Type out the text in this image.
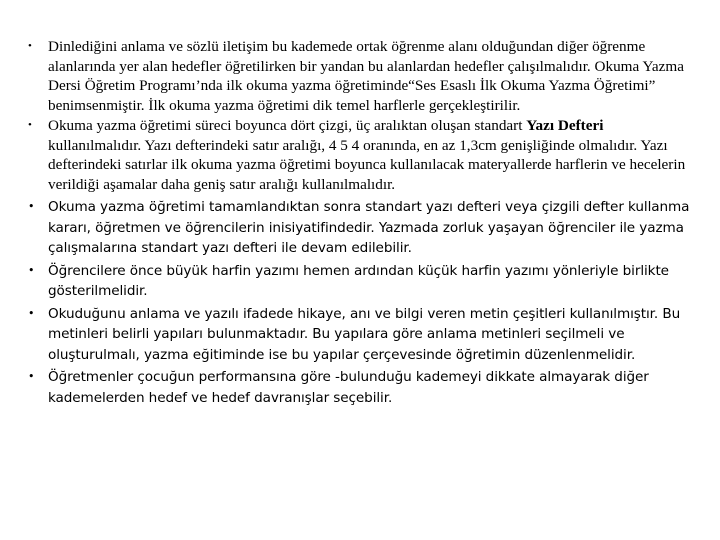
• Dinlediğini anlama ve sözlü iletişim bu kademede ortak öğrenme alanı olduğundan diğer öğrenme alanlarında yer alan hedefler öğretilirken bir yandan bu alanlardan hedefler çalışılmalıdır. Okuma Yazma Dersi Öğretim Programı’nda ilk okuma yazma öğretiminde“Ses Esaslı İlk Okuma Yazma Öğretimi” benimsenmiştir. İlk okuma yazma öğretimi dik temel harflerle gerçekleştirilir.
• Okuma yazma öğretimi süreci boyunca dört çizgi, üç aralıktan oluşan standart Yazı Defteri kullanılmalıdır. Yazı defterindeki satır aralığı, 4 5 4 oranında, en az 1,3cm genişliğinde olmalıdır. Yazı defterindeki satırlar ilk okuma yazma öğretimi boyunca kullanılacak materyallerde harflerin ve hecelerin verildiği aşamalar daha geniş satır aralığı kullanılmalıdır.
• Okuma yazma öğretimi tamamlandıktan sonra standart yazı defteri veya çizgili defter kullanma kararı, öğretmen ve öğrencilerin inisiyatifindedir. Yazmada zorluk yaşayan öğrenciler ile yazma çalışmalarına standart yazı defteri ile devam edilebilir.
• Öğrencilere önce büyük harfin yazımı hemen ardından küçük harfin yazımı yönleriyle birlikte gösterilmelidir.
• Okuduğunu anlama ve yazılı ifadede hikaye, anı ve bilgi veren metin çeşitleri kullanılmıştır. Bu metinleri belirli yapıları bulunmaktadır. Bu yapılara göre anlama metinleri seçilmeli ve oluşturulmalı, yazma eğitiminde ise bu yapılar çerçevesinde öğretimin düzenlenmelidir.
• Öğretmenler çocuğun performansına göre -bulunduğu kademeyi dikkate almayarak diğer kademelerden hedef ve hedef davranışlar seçebilir.
